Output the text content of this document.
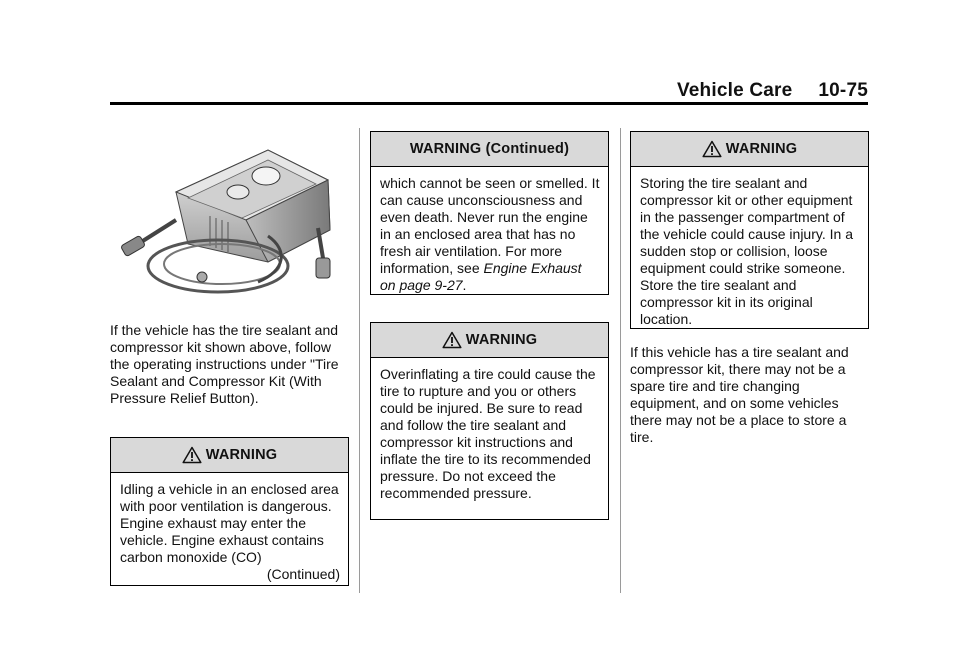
Vehicle Care 10-75

If the vehicle has the tire sealant and compressor kit shown above, follow the operating instructions under "Tire Sealant and Compressor Kit (With Pressure Relief Button).

WARNING

Idling a vehicle in an enclosed area with poor ventilation is dangerous. Engine exhaust may enter the vehicle. Engine exhaust contains carbon monoxide (CO)

(Continued)

WARNING (Continued)

which cannot be seen or smelled. It can cause unconsciousness and even death. Never run the engine in an enclosed area that has no fresh air ventilation. For more information, see Engine Exhaust on page 9-27.

WARNING

Overinflating a tire could cause the tire to rupture and you or others could be injured. Be sure to read and follow the tire sealant and compressor kit instructions and inflate the tire to its recommended pressure. Do not exceed the recommended pressure.

WARNING

Storing the tire sealant and compressor kit or other equipment in the passenger compartment of the vehicle could cause injury. In a sudden stop or collision, loose equipment could strike someone. Store the tire sealant and compressor kit in its original location.

If this vehicle has a tire sealant and compressor kit, there may not be a spare tire and tire changing equipment, and on some vehicles there may not be a place to store a tire.
